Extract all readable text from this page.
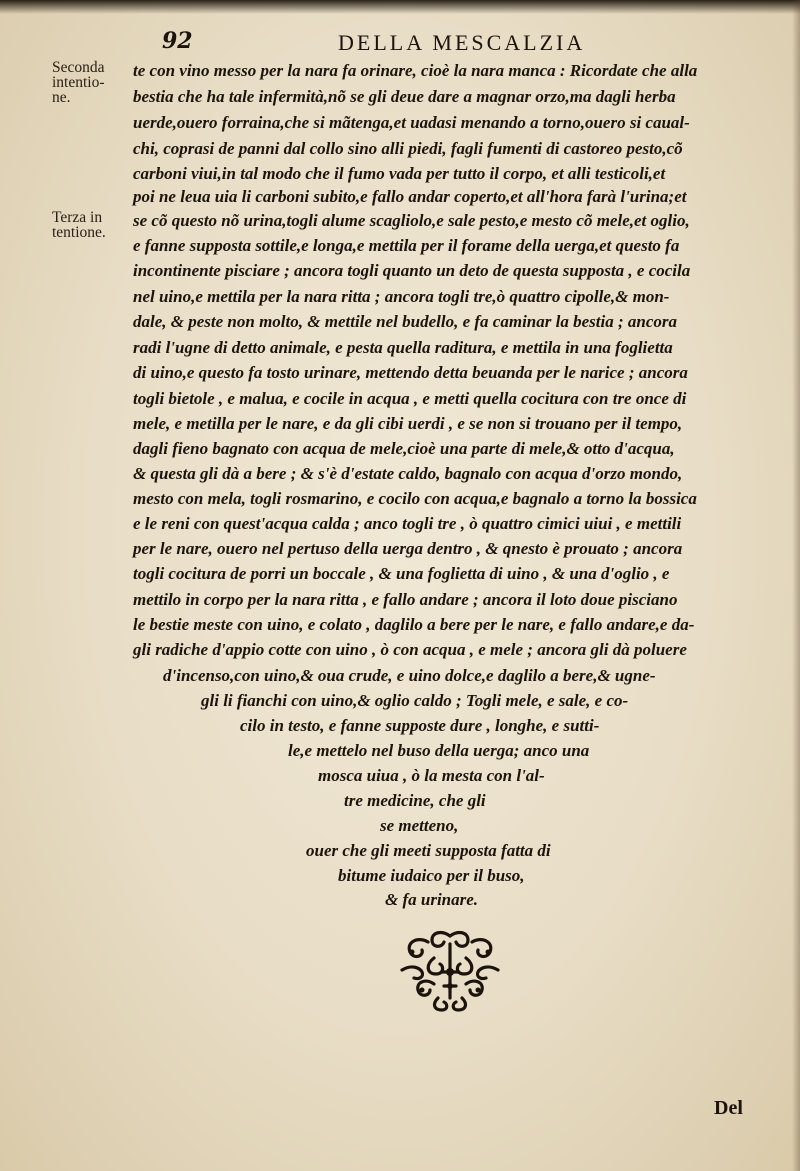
92	DELLA MESCALZIA
Seconda
intentio-
ne.
Terza in
tentione.
te con vino messo per la nara fa orinare, cioè la nara manca : Ricordate che alla
bestia che ha tale infermità,nõ se gli deue dare a magnar orzo,ma dagli herba
uerde,ouero forraina,che si mãtenga,et uadasi menando a torno,ouero si caual-
chi, coprasi de panni dal collo sino alli piedi, fagli fumenti di castoreo pesto,cõ
carboni viui,in tal modo che il fumo vada per tutto il corpo, et alli testicoli,et
poi ne leua uia li carboni subito,e fallo andar coperto,et all'hora farà l'urina;et
se cõ questo nõ urina,togli alume scagliolo,e sale pesto,e mesto cõ mele,et oglio,
e fanne supposta sottile,e longa,e mettila per il forame della uerga,et questo fa
incontinente pisciare ; ancora togli quanto un deto de questa supposta , e cocila
nel uino,e mettila per la nara ritta ; ancora togli tre,ò quattro cipolle,& mon-
dale, & peste non molto, & mettile nel budello, e fa caminar la bestia ; ancora
radi l'ugne di detto animale, e pesta quella raditura, e mettila in una foglietta
di uino,e questo fa tosto urinare, mettendo detta beuanda per le narice ; ancora
togli bietole , e malua, e cocile in acqua , e metti quella cocitura con tre once di
mele, e metilla per le nare, e da gli cibi uerdi , e se non si trouano per il tempo,
dagli fieno bagnato con acqua de mele,cioè una parte di mele,& otto d'acqua,
& questa gli dà a bere ; & s'è d'estate caldo, bagnalo con acqua d'orzo mondo,
mesto con mela, togli rosmarino, e cocilo con acqua,e bagnalo a torno la bossica
e le reni con quest'acqua calda ; anco togli tre , ò quattro cimici uiui , e mettili
per le nare, ouero nel pertuso della uerga dentro , & qnesto è prouato ; ancora
togli cocitura de porri un boccale , & una foglietta di uino , & una d'oglio , e
mettilo in corpo per la nara ritta , e fallo andare ; ancora il loto doue pisciano
le bestie meste con uino, e colato , daglilo a bere per le nare, e fallo andare,e da-
gli radiche d'appio cotte con uino , ò con acqua , e mele ; ancora gli dà poluere
d'incenso,con uino,& oua crude, e uino dolce,e daglilo a bere,& ugne-
gli li fianchi con uino,& oglio caldo ; Togli mele, e sale, e co-
cilo in testo, e fanne supposte dure , longhe, e sutti-
le,e mettelo nel buso della uerga; anco una
mosca uiua , ò la mesta con l'al-
tre medicine, che gli
se metteno,
ouer che gli meeti supposta fatta di
bitume iudaico per il buso,
& fa urinare.
Del
